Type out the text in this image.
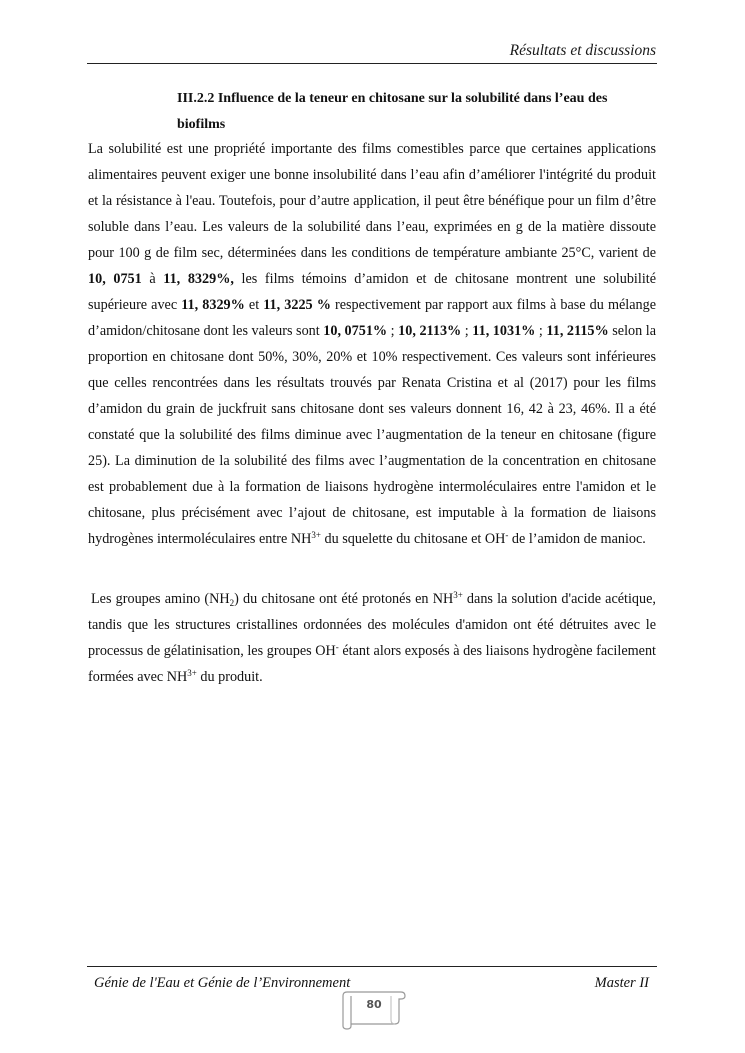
Résultats et discussions
III.2.2 Influence de la teneur en chitosane sur la solubilité dans l’eau des biofilms

La solubilité est une propriété importante des films comestibles parce que certaines applications alimentaires peuvent exiger une bonne insolubilité dans l’eau afin d’améliorer l'intégrité du produit et la résistance à l'eau. Toutefois, pour d’autre application, il peut être bénéfique pour un film d’être soluble dans l’eau. Les valeurs de la solubilité dans l’eau, exprimées en g de la matière dissoute pour 100 g de film sec, déterminées dans les conditions de température ambiante 25°C, varient de 10, 0751 à 11, 8329%, les films témoins d’amidon et de chitosane montrent une solubilité supérieure avec 11, 8329% et 11, 3225 % respectivement par rapport aux films à base du mélange d’amidon/chitosane dont les valeurs sont 10, 0751% ; 10, 2113% ; 11, 1031% ; 11, 2115% selon la proportion en chitosane dont 50%, 30%, 20% et 10% respectivement. Ces valeurs sont inférieures que celles rencontrées dans les résultats trouvés par Renata Cristina et al (2017) pour les films d’amidon du grain de juckfruit sans chitosane dont ses valeurs donnent 16, 42 à 23, 46%. Il a été constaté que la solubilité des films diminue avec l’augmentation de la teneur en chitosane (figure 25). La diminution de la solubilité des films avec l’augmentation de la concentration en chitosane est probablement due à la formation de liaisons hydrogène intermoléculaires entre l'amidon et le chitosane, plus précisément avec l’ajout de chitosane, est imputable à la formation de liaisons hydrogènes intermoléculaires entre $NH^{3+}$ du squelette du chitosane et OH- de l’amidon de manioc.

Les groupes amino $(NH_2)$ du chitosane ont été protonés en $NH^{3+}$ dans la solution d'acide acétique, tandis que les structures cristallines ordonnées des molécules d'amidon ont été détruites avec le processus de gélatinisation, les groupes OH- étant alors exposés à des liaisons hydrogène facilement formées avec $NH^{3+}$ du produit.

Génie de l'Eau et Génie de l’Environnement	Master II
80
